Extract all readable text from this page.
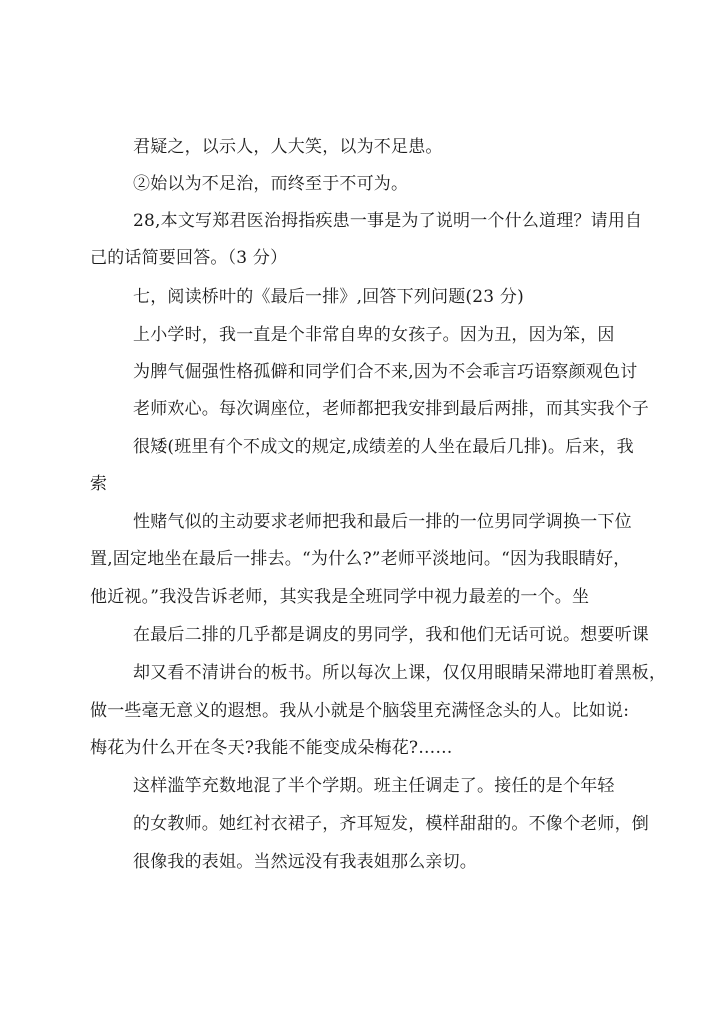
君疑之，以示人，人大笑，以为不足患。
②始以为不足治，而终至于不可为。
28,本文写郑君医治拇指疾患一事是为了说明一个什么道理？请用自
己的话简要回答。（3 分）
七，阅读桥叶的《最后一排》,回答下列问题(23 分)
上小学时，我一直是个非常自卑的女孩子。因为丑，因为笨，因
为脾气倔强性格孤僻和同学们合不来,因为不会乖言巧语察颜观色讨
老师欢心。每次调座位，老师都把我安排到最后两排，而其实我个子
很矮(班里有个不成文的规定,成绩差的人坐在最后几排)。后来，我
索
性赌气似的主动要求老师把我和最后一排的一位男同学调换一下位
置,固定地坐在最后一排去。“为什么?”老师平淡地问。“因为我眼睛好，
他近视。”我没告诉老师，其实我是全班同学中视力最差的一个。坐
在最后二排的几乎都是调皮的男同学，我和他们无话可说。想要听课
却又看不清讲台的板书。所以每次上课，仅仅用眼睛呆滞地盯着黑板，
做一些毫无意义的遐想。我从小就是个脑袋里充满怪念头的人。比如说:
梅花为什么开在冬天?我能不能变成朵梅花?……
这样滥竽充数地混了半个学期。班主任调走了。接任的是个年轻
的女教师。她红衬衣裙子，齐耳短发，模样甜甜的。不像个老师，倒
很像我的表姐。当然远没有我表姐那么亲切。
